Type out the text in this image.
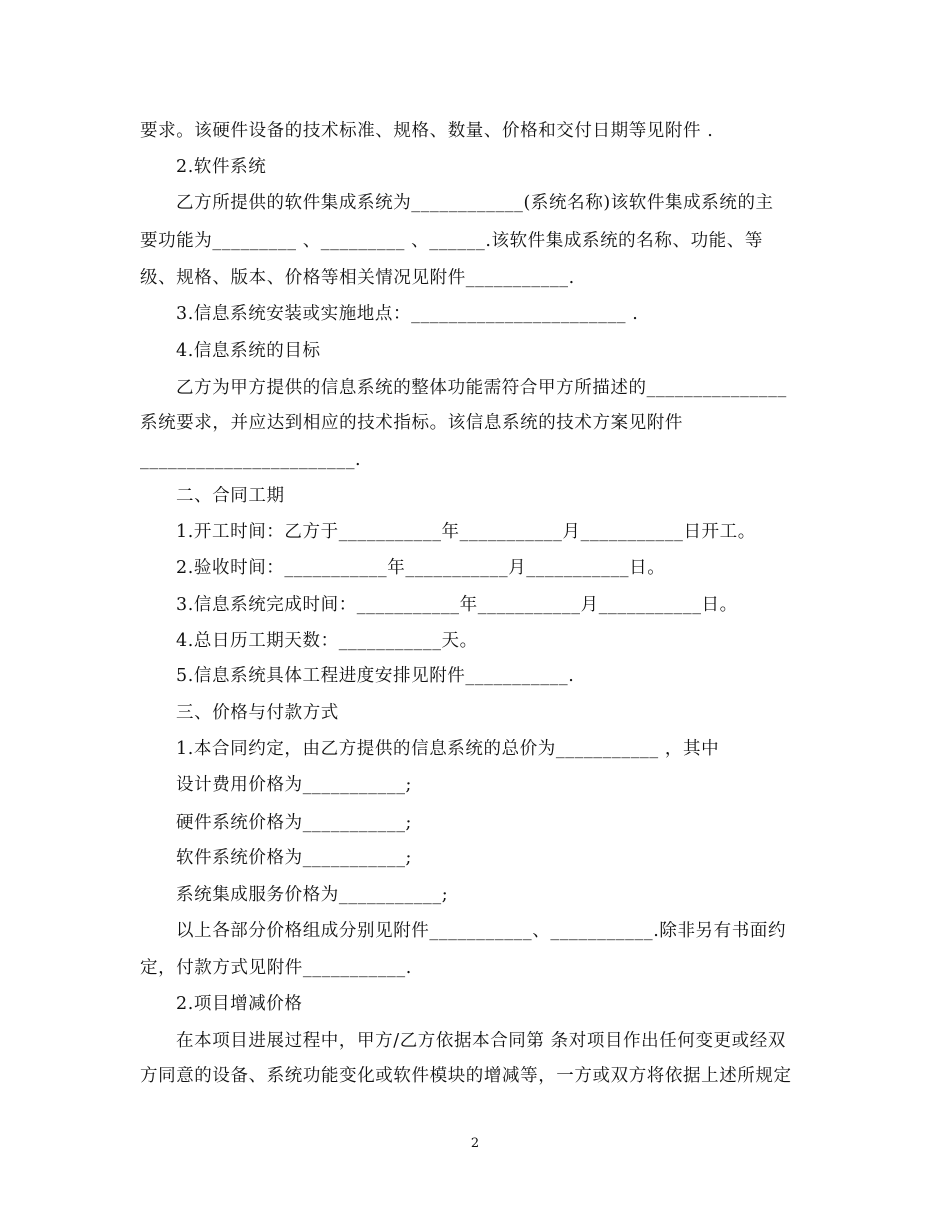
要求。该硬件设备的技术标准、规格、数量、价格和交付日期等见附件 .
2.软件系统
乙方所提供的软件集成系统为____________(系统名称)该软件集成系统的主
要功能为_________ 、_________ 、______.该软件集成系统的名称、功能、等
级、规格、版本、价格等相关情况见附件___________.
3.信息系统安装或实施地点：_______________________ .
4.信息系统的目标
乙方为甲方提供的信息系统的整体功能需符合甲方所描述的_______________
系统要求，并应达到相应的技术指标。该信息系统的技术方案见附件
_______________________.
二、合同工期
1.开工时间：乙方于___________年___________月___________日开工。
2.验收时间：___________年___________月___________日。
3.信息系统完成时间：___________年___________月___________日。
4.总日历工期天数：___________天。
5.信息系统具体工程进度安排见附件___________.
三、价格与付款方式
1.本合同约定，由乙方提供的信息系统的总价为___________ ，其中
设计费用价格为___________;
硬件系统价格为___________;
软件系统价格为___________;
系统集成服务价格为___________;
以上各部分价格组成分别见附件___________、___________.除非另有书面约
定，付款方式见附件___________.
2.项目增减价格
在本项目进展过程中，甲方/乙方依据本合同第 条对项目作出任何变更或经双
方同意的设备、系统功能变化或软件模块的增减等，一方或双方将依据上述所规定
2
